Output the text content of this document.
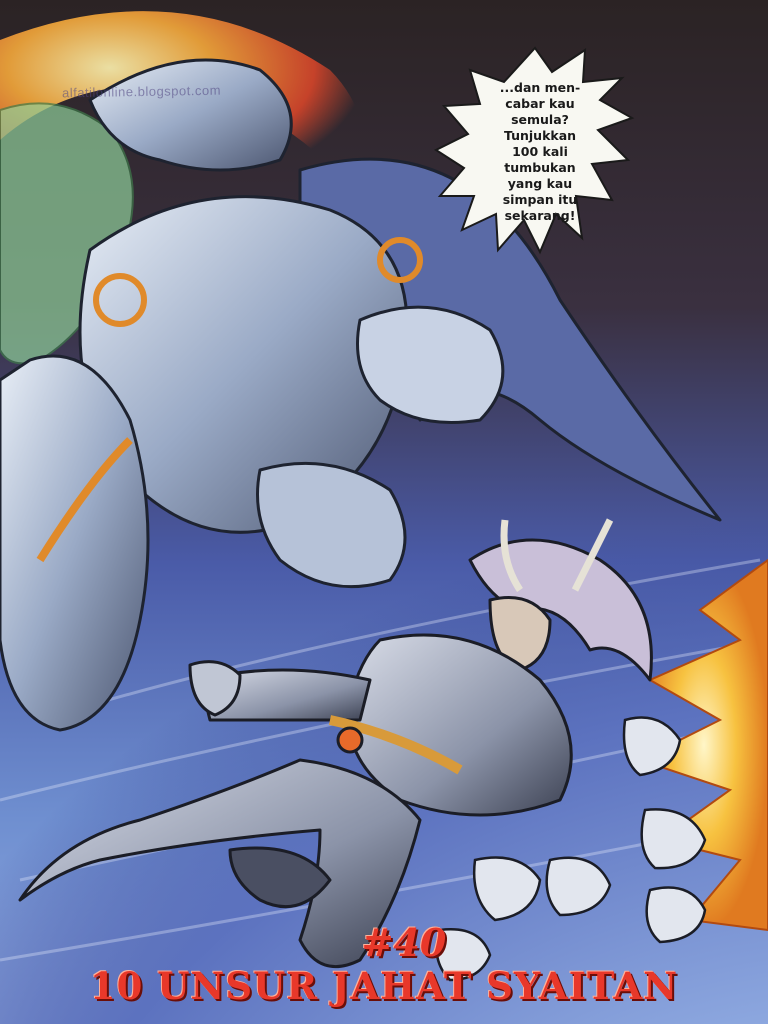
alfatilonline.blogspot.com	...dan men-
cabar kau
semula?
Tunjukkan
100 kali
tumbukan
yang kau
simpan itu
sekarang!
#40
10 UNSUR JAHAT SYAITAN
